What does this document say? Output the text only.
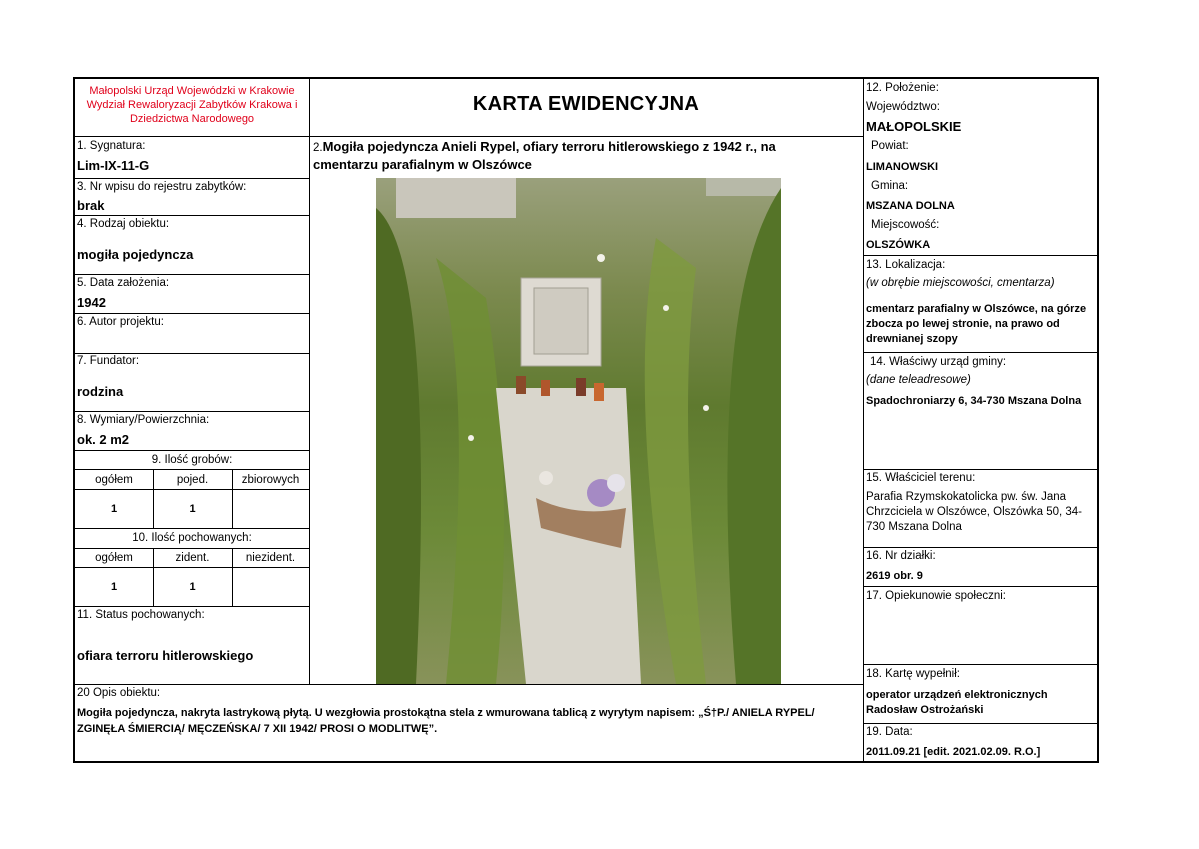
Małopolski Urząd Wojewódzki w Krakowie Wydział Rewaloryzacji Zabytków Krakowa i Dziedzictwa Narodowego
KARTA EWIDENCYJNA
2.Mogiła pojedyncza Anieli Rypel, ofiary terroru hitlerowskiego z 1942 r., na
cmentarzu parafialnym w Olszówce
1. Sygnatura:
Lim-IX-11-G
3. Nr wpisu do rejestru zabytków:
brak
4. Rodzaj obiektu:
mogiła pojedyncza
5. Data założenia:
1942
6. Autor projektu:
7. Fundator:
rodzina
8. Wymiary/Powierzchnia:
ok. 2 m2
9. Ilość grobów:
ogółem	pojed.	zbiorowych
1	1
10. Ilość pochowanych:
ogółem	zident.	niezident.
1	1
11. Status pochowanych:
ofiara terroru hitlerowskiego
20 Opis obiektu:
Mogiła pojedyncza, nakryta lastrykową płytą. U wezgłowia prostokątna stela z wmurowana tablicą z wyrytym napisem: „Ś†P./ ANIELA RYPEL/
ZGINĘŁA ŚMIERCIĄ/ MĘCZEŃSKA/ 7 XII 1942/ PROSI O MODLITWĘ”.
12. Położenie:
Województwo:
MAŁOPOLSKIE
Powiat:
LIMANOWSKI
Gmina:
MSZANA DOLNA
Miejscowość:
OLSZÓWKA
13. Lokalizacja:
(w obrębie miejscowości, cmentarza)
cmentarz parafialny w Olszówce, na górze
zbocza po lewej stronie, na prawo od
drewnianej szopy
14. Właściwy urząd gminy:
(dane teleadresowe)
Spadochroniarzy 6, 34-730 Mszana Dolna
15. Właściciel terenu:
Parafia Rzymskokatolicka pw. św. Jana
Chrzciciela w Olszówce, Olszówka 50, 34-
730 Mszana Dolna
16. Nr działki:
2619 obr. 9
17. Opiekunowie społeczni:
18. Kartę wypełnił:
operator urządzeń elektronicznych
Radosław Ostrożański
19. Data:
2011.09.21 [edit. 2021.02.09. R.O.]
